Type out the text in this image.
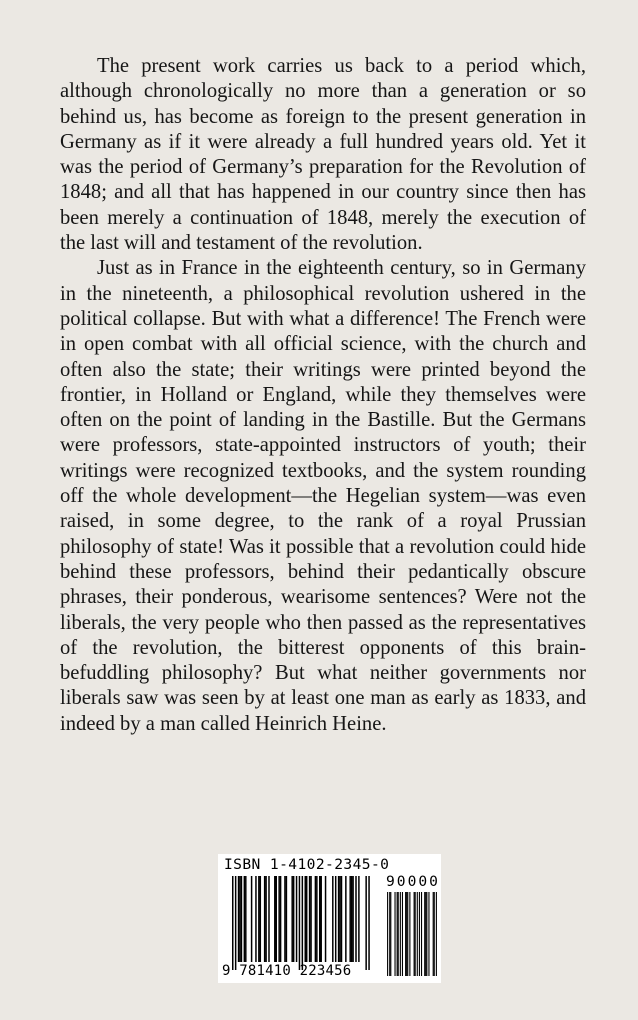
The present work carries us back to a period which, although chronologically no more than a generation or so behind us, has become as foreign to the present generation in Germany as if it were already a full hundred years old. Yet it was the period of Germany’s preparation for the Revolution of 1848; and all that has happened in our country since then has been merely a continuation of 1848, merely the execution of the last will and testament of the revolution.

Just as in France in the eighteenth century, so in Germany in the nineteenth, a philosophical revolution ushered in the political collapse. But with what a difference! The French were in open combat with all official science, with the church and often also the state; their writings were printed beyond the frontier, in Holland or England, while they themselves were often on the point of landing in the Bastille. But the Germans were professors, state-appointed instructors of youth; their writings were recognized textbooks, and the system rounding off the whole development—the Hegelian system—was even raised, in some degree, to the rank of a royal Prussian philosophy of state! Was it possible that a revolution could hide behind these professors, behind their pedantically obscure phrases, their ponderous, wearisome sentences? Were not the liberals, the very people who then passed as the representatives of the revolution, the bitterest opponents of this brain-befuddling philosophy? But what neither governments nor liberals saw was seen by at least one man as early as 1833, and indeed by a man called Heinrich Heine.

ISBN 1-4102-2345-0
90000
9 781410 223456
